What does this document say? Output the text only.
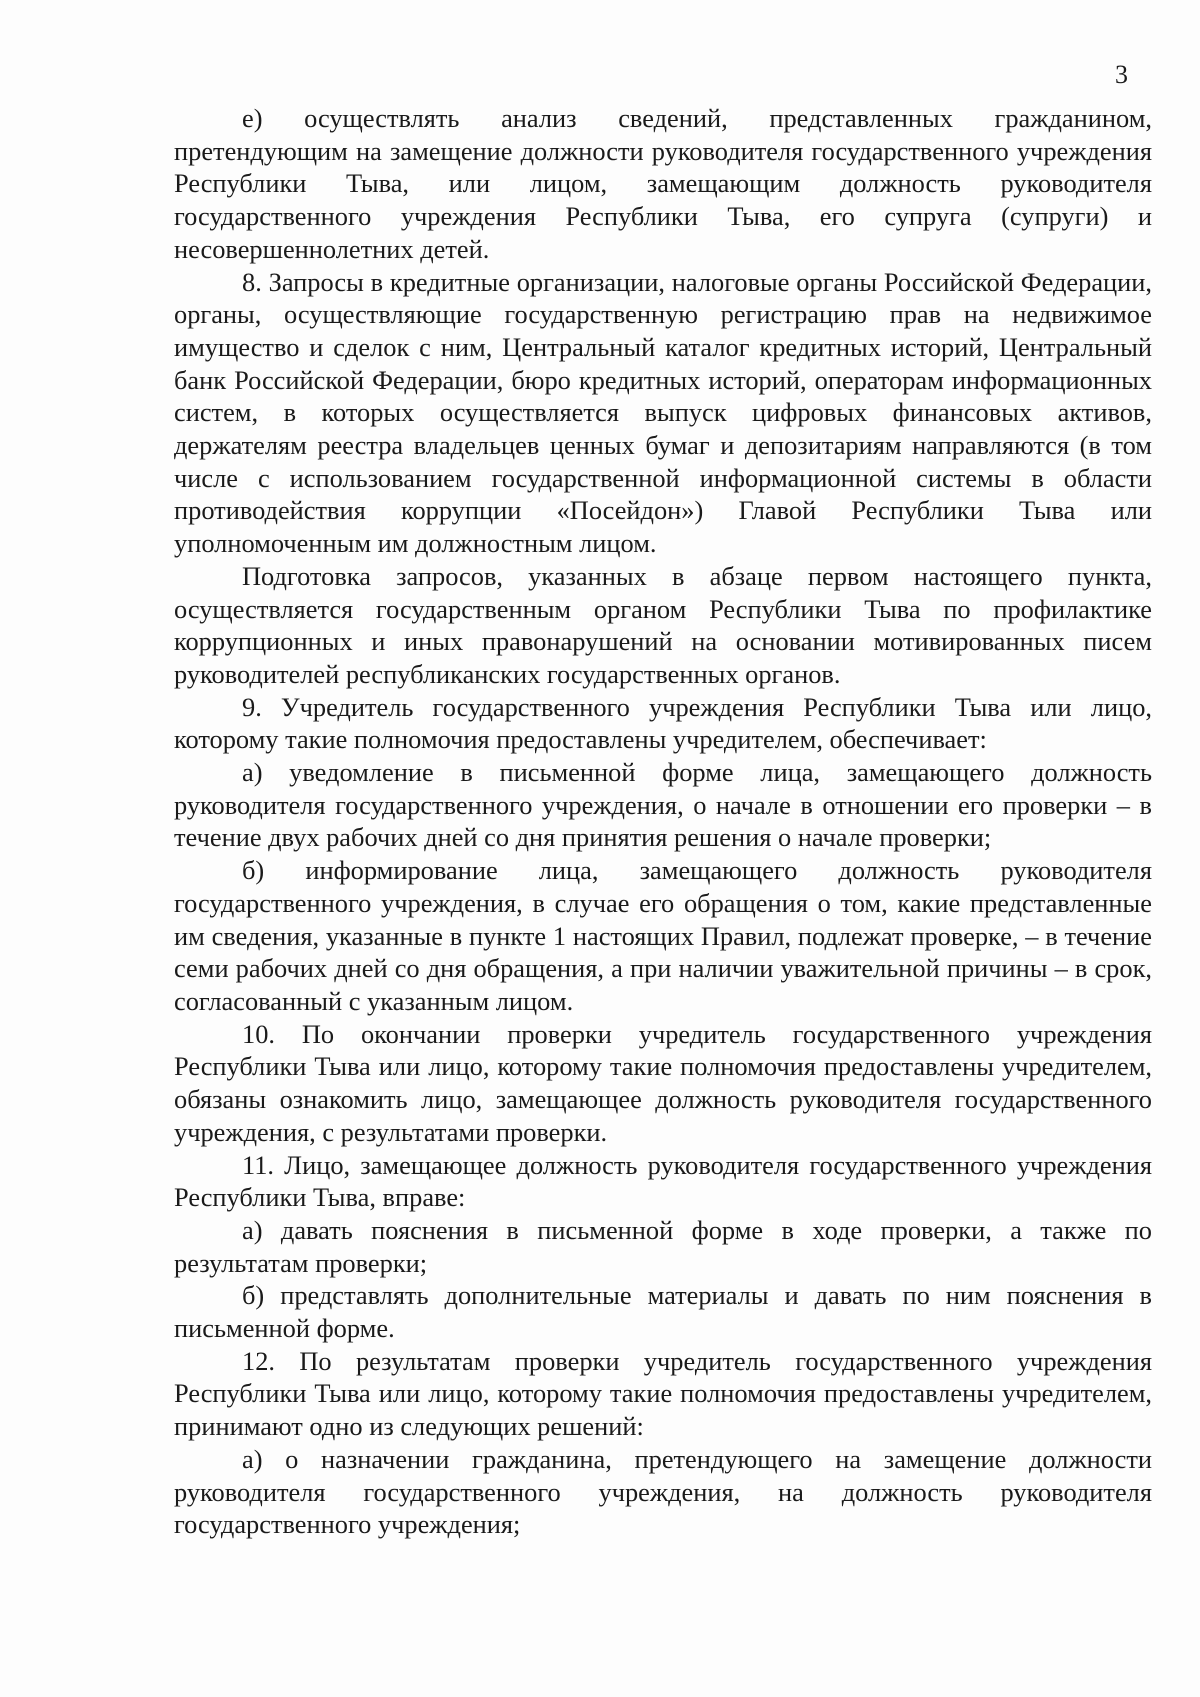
3

е) осуществлять анализ сведений, представленных гражданином, претендующим на замещение должности руководителя государственного учреждения Республики Тыва, или лицом, замещающим должность руководителя государственного учреждения Республики Тыва, его супруга (супруги) и несовершеннолетних детей.

8. Запросы в кредитные организации, налоговые органы Российской Федерации, органы, осуществляющие государственную регистрацию прав на недвижимое имущество и сделок с ним, Центральный каталог кредитных историй, Центральный банк Российской Федерации, бюро кредитных историй, операторам информационных систем, в которых осуществляется выпуск цифровых финансовых активов, держателям реестра владельцев ценных бумаг и депозитариям направляются (в том числе с использованием государственной информационной системы в области противодействия коррупции «Посейдон») Главой Республики Тыва или уполномоченным им должностным лицом.

Подготовка запросов, указанных в абзаце первом настоящего пункта, осуществляется государственным органом Республики Тыва по профилактике коррупционных и иных правонарушений на основании мотивированных писем руководителей республиканских государственных органов.

9. Учредитель государственного учреждения Республики Тыва или лицо, которому такие полномочия предоставлены учредителем, обеспечивает:

а) уведомление в письменной форме лица, замещающего должность руководителя государственного учреждения, о начале в отношении его проверки – в течение двух рабочих дней со дня принятия решения о начале проверки;

б) информирование лица, замещающего должность руководителя государственного учреждения, в случае его обращения о том, какие представленные им сведения, указанные в пункте 1 настоящих Правил, подлежат проверке, – в течение семи рабочих дней со дня обращения, а при наличии уважительной причины – в срок, согласованный с указанным лицом.

10. По окончании проверки учредитель государственного учреждения Республики Тыва или лицо, которому такие полномочия предоставлены учредителем, обязаны ознакомить лицо, замещающее должность руководителя государственного учреждения, с результатами проверки.

11. Лицо, замещающее должность руководителя государственного учреждения Республики Тыва, вправе:

а) давать пояснения в письменной форме в ходе проверки, а также по результатам проверки;

б) представлять дополнительные материалы и давать по ним пояснения в письменной форме.

12. По результатам проверки учредитель государственного учреждения Республики Тыва или лицо, которому такие полномочия предоставлены учредителем, принимают одно из следующих решений:

а) о назначении гражданина, претендующего на замещение должности руководителя государственного учреждения, на должность руководителя государственного учреждения;
